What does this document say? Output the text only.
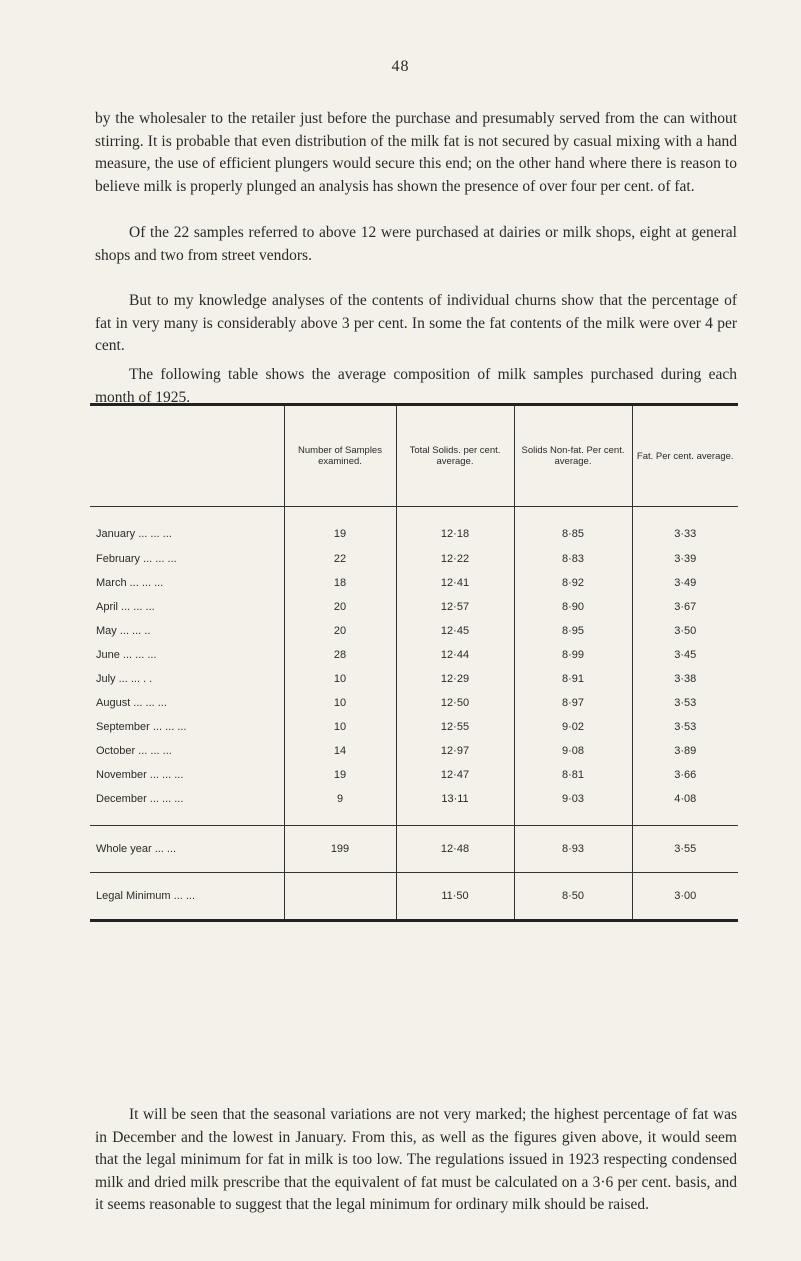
48

by the wholesaler to the retailer just before the purchase and presumably served from the can without stirring. It is probable that even distribution of the milk fat is not secured by casual mixing with a hand measure, the use of efficient plungers would secure this end; on the other hand where there is reason to believe milk is properly plunged an analysis has shown the presence of over four per cent. of fat.

Of the 22 samples referred to above 12 were purchased at dairies or milk shops, eight at general shops and two from street vendors.

But to my knowledge analyses of the contents of individual churns show that the percentage of fat in very many is considerably above 3 per cent. In some the fat contents of the milk were over 4 per cent.

The following table shows the average composition of milk samples purchased during each month of 1925.

	Number of Samples examined.	Total Solids. per cent. average.	Solids Non-fat. Per cent. average.	Fat. Per cent. average.
January ... ... ...	19	12·18	8·85	3·33
February ... ... ...	22	12·22	8·83	3·39
March ... ... ...	18	12·41	8·92	3·49
April ... ... ...	20	12·57	8·90	3·67
May ... ... ..	20	12·45	8·95	3·50
June ... ... ...	28	12·44	8·99	3·45
July ... ... . .	10	12·29	8·91	3·38
August ... ... ...	10	12·50	8·97	3·53
September ... ... ...	10	12·55	9·02	3·53
October ... ... ...	14	12·97	9·08	3·89
November ... ... ...	19	12·47	8·81	3·66
December ... ... ...	9	13·11	9·03	4·08
Whole year ... ...	199	12·48	8·93	3·55
Legal Minimum ... ...		11·50	8·50	3·00

It will be seen that the seasonal variations are not very marked; the highest percentage of fat was in December and the lowest in January. From this, as well as the figures given above, it would seem that the legal minimum for fat in milk is too low. The regulations issued in 1923 respecting condensed milk and dried milk prescribe that the equivalent of fat must be calculated on a 3·6 per cent. basis, and it seems reasonable to suggest that the legal minimum for ordinary milk should be raised.
